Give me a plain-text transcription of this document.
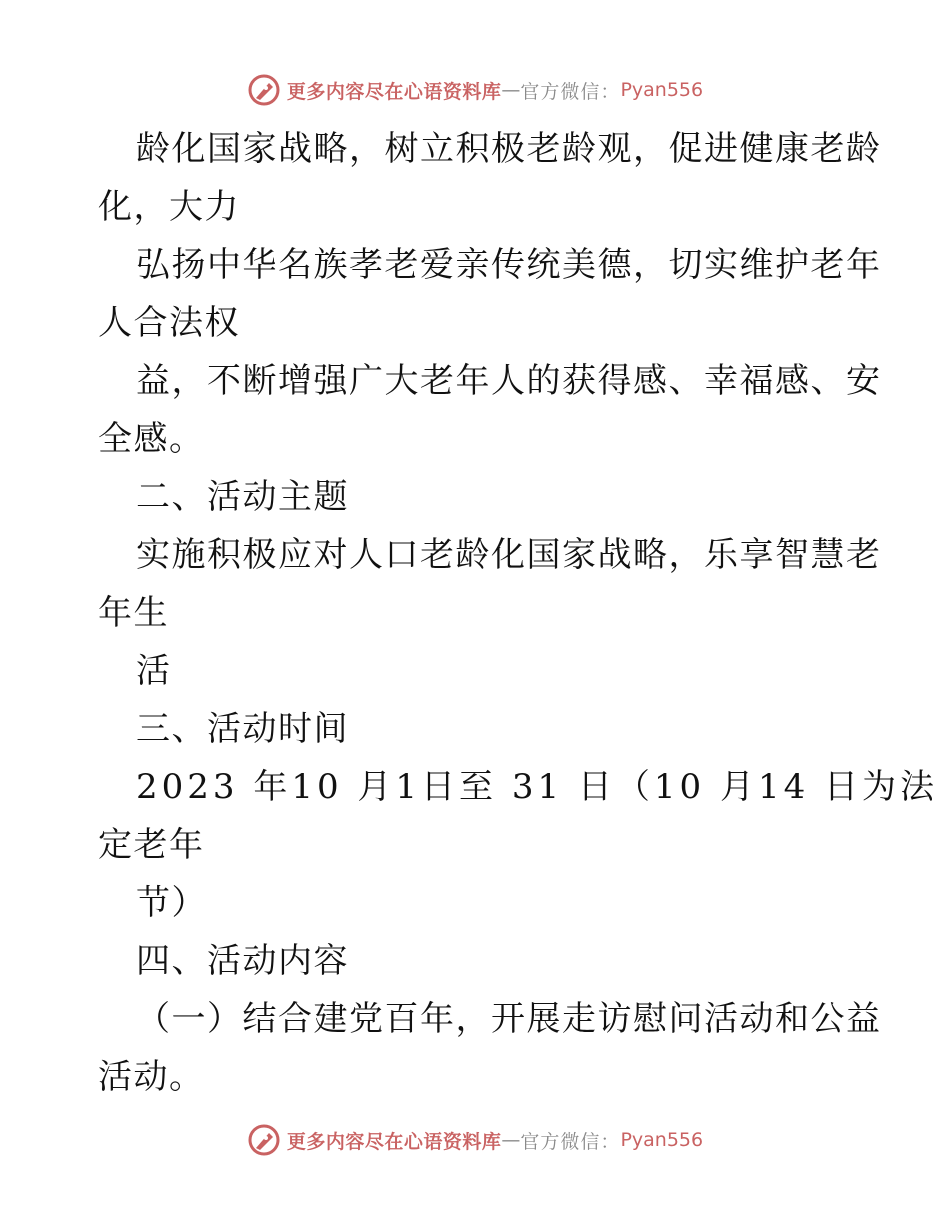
更多内容尽在心语资料库 — 官方微信： Pyan556
龄化国家战略，树立积极老龄观，促进健康老龄
化，大力
弘扬中华名族孝老爱亲传统美德，切实维护老年
人合法权
益，不断增强广大老年人的获得感、幸福感、安
全感。
二、活动主题
实施积极应对人口老龄化国家战略，乐享智慧老
年生
活
三、活动时间
2023 年10 月1日至 31 日（10 月14 日为法
定老年
节）
四、活动内容
（一）结合建党百年，开展走访慰问活动和公益
活动。
更多内容尽在心语资料库 — 官方微信： Pyan556
